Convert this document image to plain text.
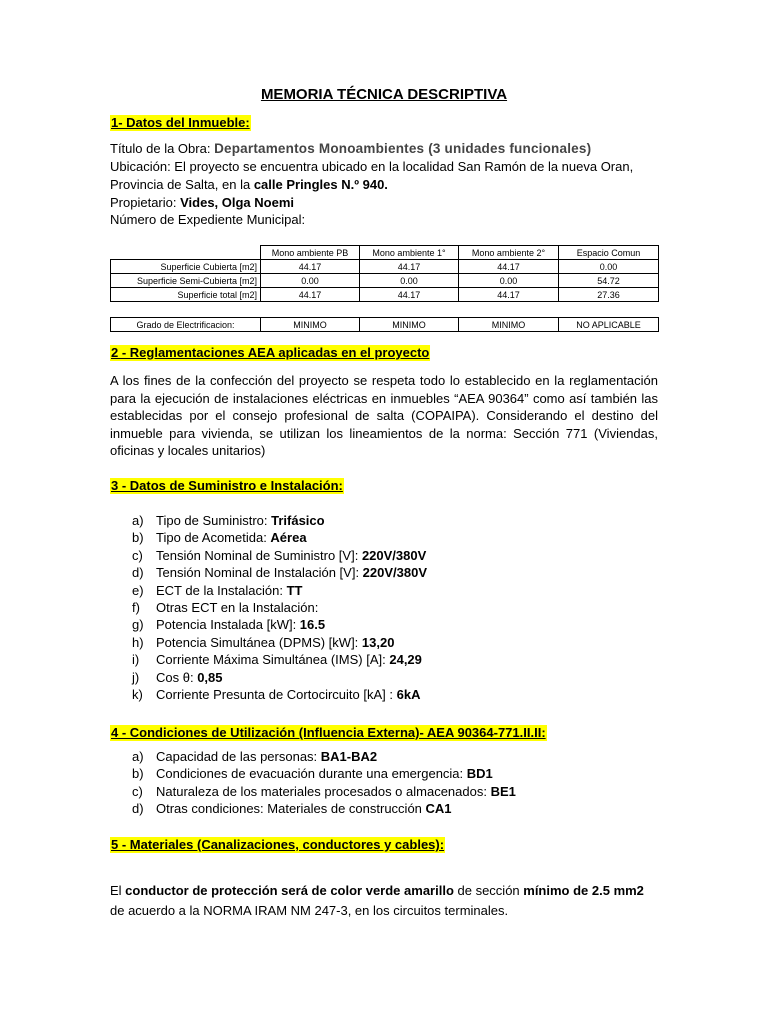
MEMORIA TÉCNICA DESCRIPTIVA
1- Datos del Inmueble:
Título de la Obra: Departamentos Monoambientes (3 unidades funcionales)
Ubicación: El proyecto se encuentra ubicado en la localidad San Ramón de la nueva Oran,
Provincia de Salta, en la calle Pringles N.º 940.
Propietario: Vides, Olga Noemi
Número de Expediente Municipal:
	Mono ambiente PB	Mono ambiente 1°	Mono ambiente 2°	Espacio Comun
Superficie Cubierta [m2]	44.17	44.17	44.17	0.00
Superficie Semi-Cubierta [m2]	0.00	0.00	0.00	54.72
Superficie total [m2]	44.17	44.17	44.17	27.36
Grado de Electrificacion:	MINIMO	MINIMO	MINIMO	NO APLICABLE
2 - Reglamentaciones AEA aplicadas en el proyecto
A los fines de la confección del proyecto se respeta todo lo establecido en la reglamentación para la ejecución de instalaciones eléctricas en inmuebles “AEA 90364” como así también las establecidas por el consejo profesional de salta (COPAIPA). Considerando el destino del inmueble para vivienda, se utilizan los lineamientos de la norma: Sección 771 (Viviendas, oficinas y locales unitarios)
3 - Datos de Suministro e Instalación:
a) Tipo de Suministro: Trifásico
b) Tipo de Acometida: Aérea
c)	Tensión Nominal de Suministro [V]: 220V/380V
d) Tensión Nominal de Instalación [V]: 220V/380V
e) ECT de la Instalación: TT
f)	Otras ECT en la Instalación:
g) Potencia Instalada [kW]: 16.5
h) Potencia Simultánea (DPMS) [kW]: 13,20
i)	Corriente Máxima Simultánea (IMS) [A]: 24,29
j)	Cos θ: 0,85
k)	Corriente Presunta de Cortocircuito [kA] : 6kA
4 - Condiciones de Utilización (Influencia Externa)- AEA 90364-771.II.II:
a) Capacidad de las personas: BA1-BA2
b) Condiciones de evacuación durante una emergencia: BD1
c)	Naturaleza de los materiales procesados o almacenados: BE1
d) Otras condiciones: Materiales de construcción CA1
5 - Materiales (Canalizaciones, conductores y cables):
El conductor de protección será de color verde amarillo de sección mínimo de 2.5 mm2
de acuerdo a la NORMA IRAM NM 247-3, en los circuitos terminales.
